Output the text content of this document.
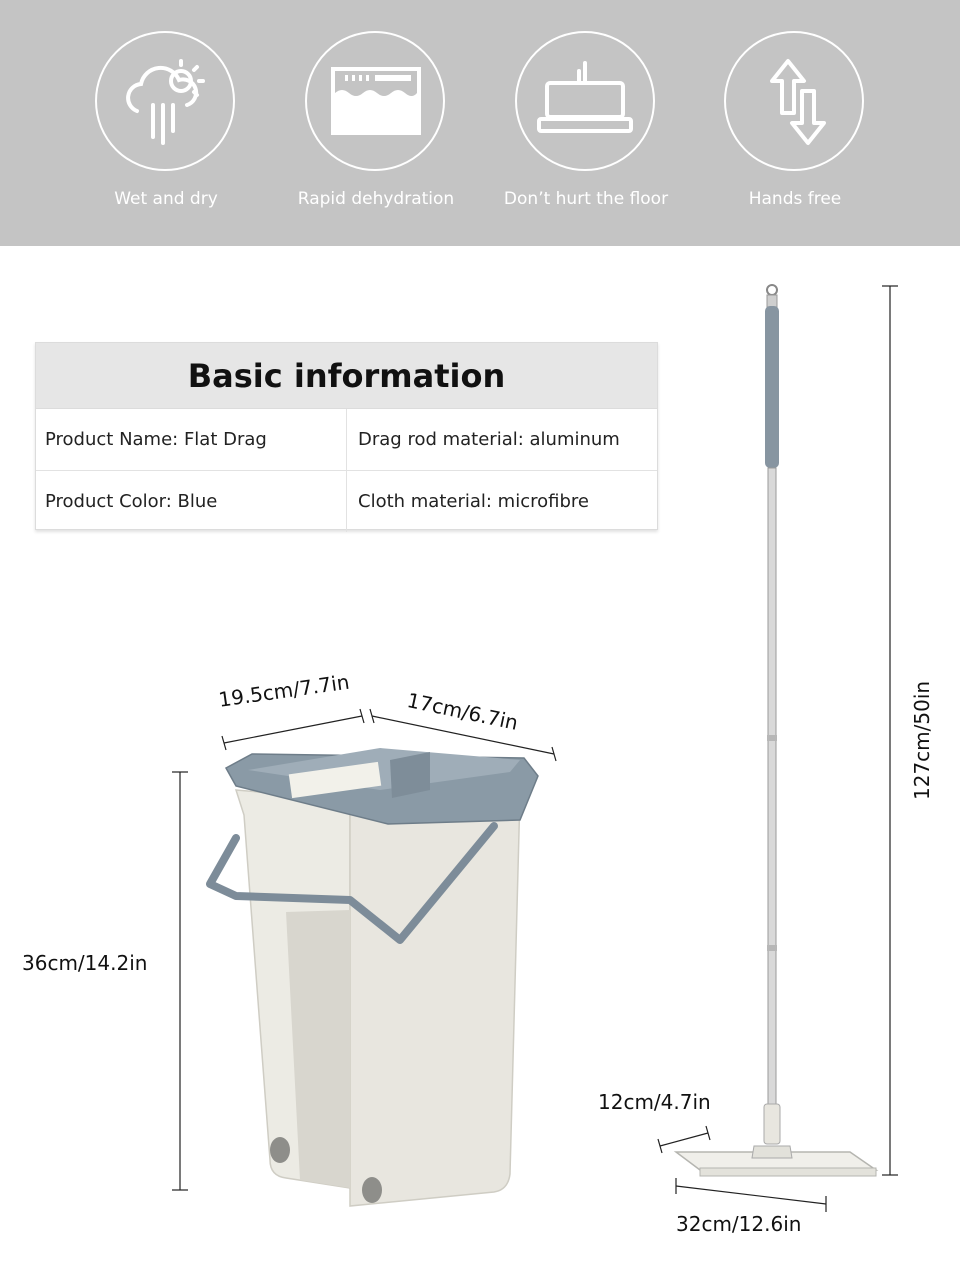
Wet and dry	Rapid dehydration	Don’t hurt the floor	Hands free
Basic information
Product Name: Flat Drag	Drag rod material: aluminum
Product Color: Blue	Cloth material: microfibre
19.5cm/7.7in	17cm/6.7in
36cm/14.2in
127cm/50in
12cm/4.7in
32cm/12.6in
